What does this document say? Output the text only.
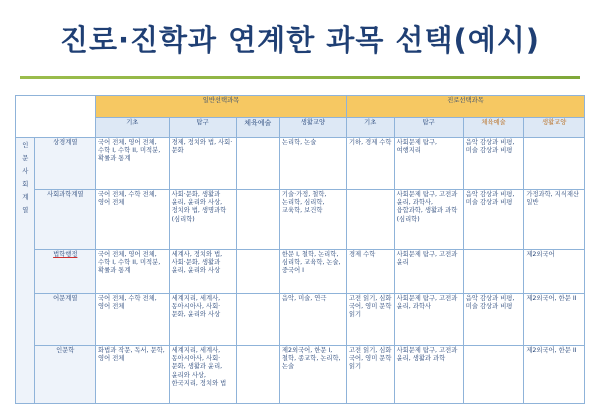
진로·진학과 연계한 과목 선택(예시)
		일반선택과목				진로선택과목			
		기초	탐구	체육예술	생활교양	기초	탐구	체육예술	생활교양
인문사회계열	상경계열	국어 전체, 영어 전체, 수학 I, 수학 II, 미적분, 확률과 통계	경제, 정치와 법, 사회·문화		논리학, 논술	기하, 경제 수학	사회문제 탐구, 여행지리	음악 감상과 비평, 미술 감상과 비평	
	사회과학계열	국어 전체, 수학 전체, 영어 전체	사회·문화, 생활과 윤리, 윤리와 사상, 정치와 법, 생명과학(심리학)		기술·가정, 철학, 논리학, 심리학, 교육학, 보건학		사회문제 탐구, 고전과 윤리, 과학사, 융합과학, 생활과 과학(심리학)	음악 감상과 비평, 미술 감상과 비평	가정과학, 지식재산 일반
	법학행정	국어 전체, 영어 전체, 수학 I, 수학 II, 미적분, 확률과 통계	세계사, 정치와 법, 사회·문화, 생활과 윤리, 윤리와 사상		한문 I, 철학, 논리학, 심리학, 교육학, 논술, 중국어 I	경제 수학	사회문제 탐구, 고전과 윤리		제2외국어
	어문계열	국어 전체, 수학 전체, 영어 전체	세계지리, 세계사, 동아시아사, 사회·문화, 윤리와 사상		음악, 미술, 연극	고전 읽기, 심화 국어, 영미 문학 읽기	사회문제 탐구, 고전과 윤리, 과학사	음악 감상과 비평, 미술 감상과 비평	제2외국어, 한문 II
	인문학	화법과 작문, 독서, 문학, 영어 전체	세계지리, 세계사, 동아시아사, 사회·문화, 생활과 윤리, 윤리와 사상, 한국지리, 정치와 법		제2외국어, 한문 I, 철학, 종교학, 논리학, 논술	고전 읽기, 심화 국어, 영미 문학 읽기	사회문제 탐구, 고전과 윤리, 생활과 과학		제2외국어, 한문 II
